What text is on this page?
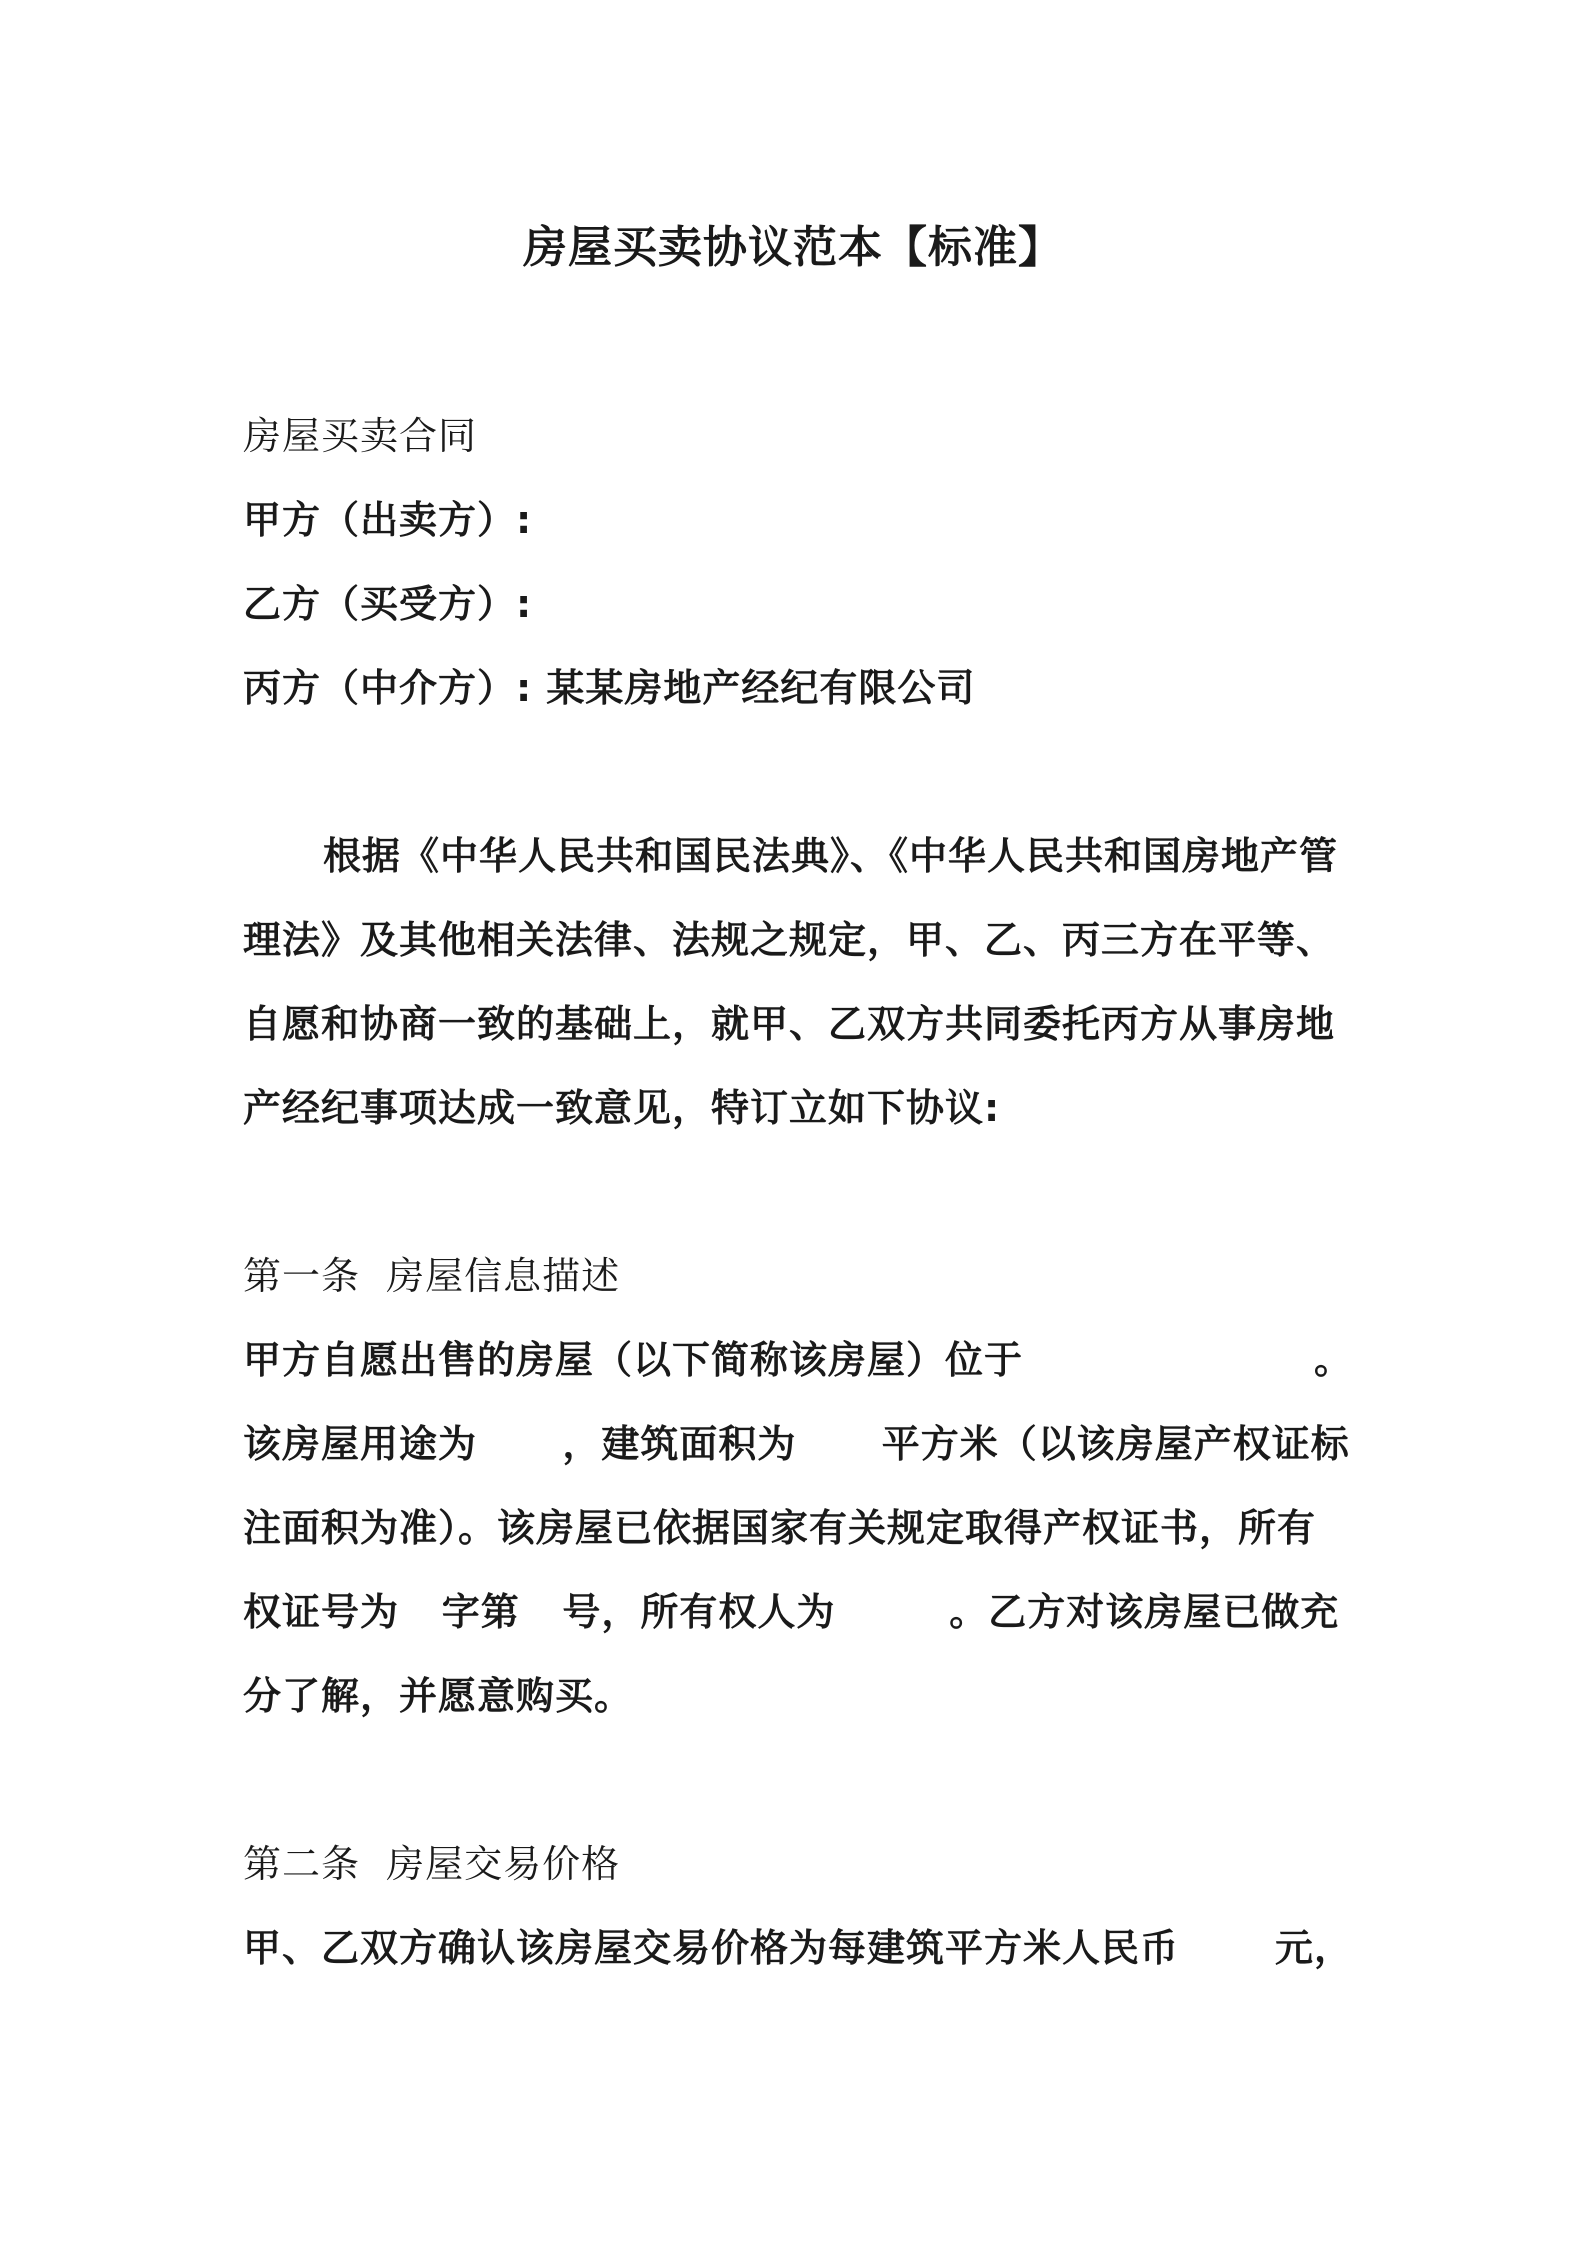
房屋买卖协议范本【标准】
房屋买卖合同
甲方（出卖方）:
乙方（买受方）:
丙方（中介方）: 某某房地产经纪有限公司
根据《中华人民共和国民法典》、《中华人民共和国房地产管
理法》及其他相关法律、法规之规定，甲、乙、丙三方在平等、
自愿和协商一致的基础上，就甲、乙双方共同委托丙方从事房地
产经纪事项达成一致意见，特订立如下协议:
第一条  房屋信息描述
甲方自愿出售的房屋（以下简称该房屋）位于	。
该房屋用途为      ，建筑面积为      平方米（以该房屋产权证标
注面积为准）。该房屋已依据国家有关规定取得产权证书，所有
权证号为   字第   号，所有权人为        。乙方对该房屋已做充
分了解，并愿意购买。
第二条  房屋交易价格
甲、乙双方确认该房屋交易价格为每建筑平方米人民币	元，
